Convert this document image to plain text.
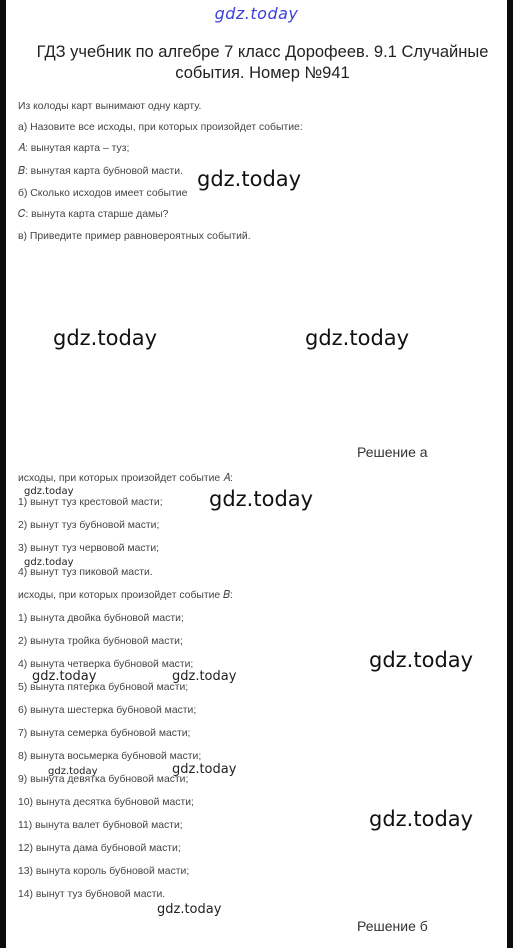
gdz.today
ГДЗ учебник по алгебре 7 класс Дорофеев. 9.1 Случайные события. Номер №941

Из колоды карт вынимают одну карту.

а) Назовите все исходы, при которых произойдет событие:

𝐴: вынутая карта – туз;

𝐵: вынутая карта бубновой масти.

б) Сколько исходов имеет событие

𝐶: вынута карта старше дамы?

в) Приведите пример равновероятных событий.

gdz.today
gdz.today	gdz.today
gdz.today
gdz.today
gdz.today
gdz.today
gdz.today
gdz.today	gdz.today
gdz.today	gdz.today
gdz.today
Решение а

исходы, при которых произойдет событие 𝐴:

1) вынут туз крестовой масти;

2) вынут туз бубновой масти;

3) вынут туз червовой масти;

4) вынут туз пиковой масти.

исходы, при которых произойдет событие 𝐵:

1) вынута двойка бубновой масти;

2) вынута тройка бубновой масти;

4) вынута четверка бубновой масти;

5) вынута пятерка бубновой масти;

6) вынута шестерка бубновой масти;

7) вынута семерка бубновой масти;

8) вынута восьмерка бубновой масти;

9) вынута девятка бубновой масти;

10) вынута десятка бубновой масти;

11) вынута валет бубновой масти;

12) вынута дама бубновой масти;

13) вынута король бубновой масти;

14) вынут туз бубновой масти.

Решение б
